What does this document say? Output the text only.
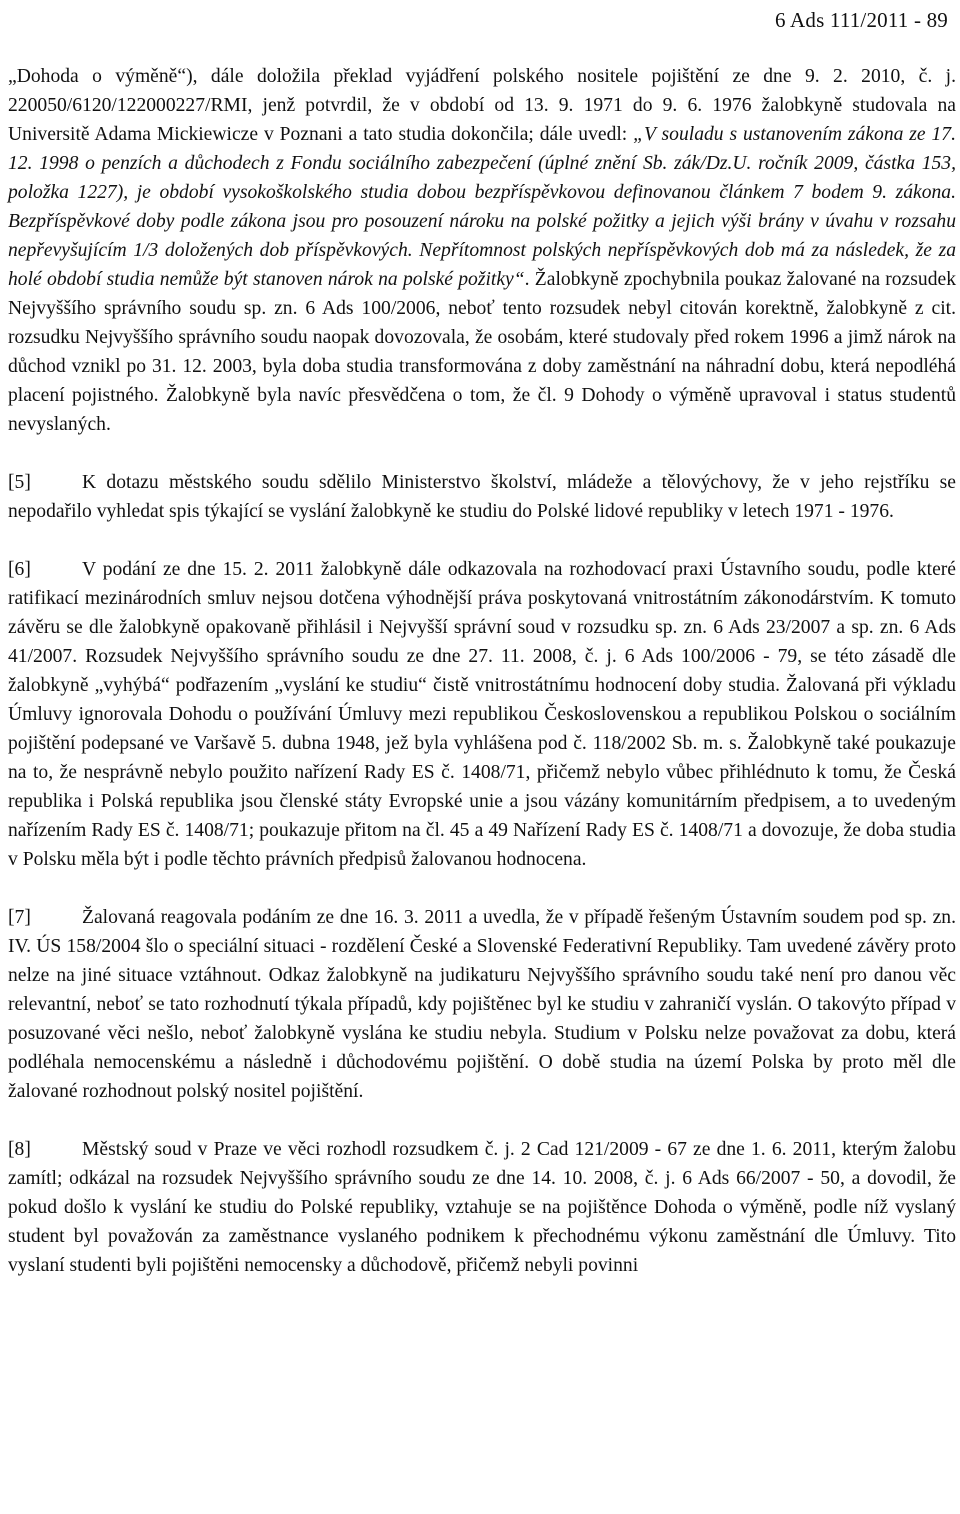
6 Ads 111/2011 - 89

„Dohoda o výměně“), dále doložila překlad vyjádření polského nositele pojištění ze dne 9. 2. 2010, č. j. 220050/6120/122000227/RMI, jenž potvrdil, že v období od 13. 9. 1971 do 9. 6. 1976 žalobkyně studovala na Universitě Adama Mickiewicze v Poznani a tato studia dokončila; dále uvedl: „V souladu s ustanovením zákona ze 17. 12. 1998 o penzích a důchodech z Fondu sociálního zabezpečení (úplné znění Sb. zák/Dz.U. ročník 2009, částka 153, položka 1227), je období vysokoškolského studia dobou bezpříspěvkovou definovanou článkem 7 bodem 9. zákona. Bezpříspěvkové doby podle zákona jsou pro posouzení nároku na polské požitky a jejich výši brány v úvahu v rozsahu nepřevyšujícím 1/3 doložených dob příspěvkových. Nepřítomnost polských nepříspěvkových dob má za následek, že za holé období studia nemůže být stanoven nárok na polské požitky“. Žalobkyně zpochybnila poukaz žalované na rozsudek Nejvyššího správního soudu sp. zn. 6 Ads 100/2006, neboť tento rozsudek nebyl citován korektně, žalobkyně z cit. rozsudku Nejvyššího správního soudu naopak dovozovala, že osobám, které studovaly před rokem 1996 a jimž nárok na důchod vznikl po 31. 12. 2003, byla doba studia transformována z doby zaměstnání na náhradní dobu, která nepodléhá placení pojistného. Žalobkyně byla navíc přesvědčena o tom, že čl. 9 Dohody o výměně upravoval i status studentů nevyslaných.

[5]	K dotazu městského soudu sdělilo Ministerstvo školství, mládeže a tělovýchovy, že v jeho rejstříku se nepodařilo vyhledat spis týkající se vyslání žalobkyně ke studiu do Polské lidové republiky v letech 1971 - 1976.

[6]	V podání ze dne 15. 2. 2011 žalobkyně dále odkazovala na rozhodovací praxi Ústavního soudu, podle které ratifikací mezinárodních smluv nejsou dotčena výhodnější práva poskytovaná vnitrostátním zákonodárstvím. K tomuto závěru se dle žalobkyně opakovaně přihlásil i Nejvyšší správní soud v rozsudku sp. zn. 6 Ads 23/2007 a sp. zn. 6 Ads 41/2007. Rozsudek Nejvyššího správního soudu ze dne 27. 11. 2008, č. j. 6 Ads 100/2006 - 79, se této zásadě dle žalobkyně „vyhýbá“ podřazením „vyslání ke studiu“ čistě vnitrostátnímu hodnocení doby studia. Žalovaná při výkladu Úmluvy ignorovala Dohodu o používání Úmluvy mezi republikou Československou a republikou Polskou o sociálním pojištění podepsané ve Varšavě 5. dubna 1948, jež byla vyhlášena pod č. 118/2002 Sb. m. s. Žalobkyně také poukazuje na to, že nesprávně nebylo použito nařízení Rady ES č. 1408/71, přičemž nebylo vůbec přihlédnuto k tomu, že Česká republika i Polská republika jsou členské státy Evropské unie a jsou vázány komunitárním předpisem, a to uvedeným nařízením Rady ES č. 1408/71; poukazuje přitom na čl. 45 a 49 Nařízení Rady ES č. 1408/71 a dovozuje, že doba studia v Polsku měla být i podle těchto právních předpisů žalovanou hodnocena.

[7]	Žalovaná reagovala podáním ze dne 16. 3. 2011 a uvedla, že v případě řešeným Ústavním soudem pod sp. zn. IV. ÚS 158/2004 šlo o speciální situaci - rozdělení České a Slovenské Federativní Republiky. Tam uvedené závěry proto nelze na jiné situace vztáhnout. Odkaz žalobkyně na judikaturu Nejvyššího správního soudu také není pro danou věc relevantní, neboť se tato rozhodnutí týkala případů, kdy pojištěnec byl ke studiu v zahraničí vyslán. O takovýto případ v posuzované věci nešlo, neboť žalobkyně vyslána ke studiu nebyla. Studium v Polsku nelze považovat za dobu, která podléhala nemocenskému a následně i důchodovému pojištění. O době studia na území Polska by proto měl dle žalované rozhodnout polský nositel pojištění.

[8]	Městský soud v Praze ve věci rozhodl rozsudkem č. j. 2 Cad 121/2009 - 67 ze dne 1. 6. 2011, kterým žalobu zamítl; odkázal na rozsudek Nejvyššího správního soudu ze dne 14. 10. 2008, č. j. 6 Ads 66/2007 - 50, a dovodil, že pokud došlo k vyslání ke studiu do Polské republiky, vztahuje se na pojištěnce Dohoda o výměně, podle níž vyslaný student byl považován za zaměstnance vyslaného podnikem k přechodnému výkonu zaměstnání dle Úmluvy. Tito vyslaní studenti byli pojištěni nemocensky a důchodově, přičemž nebyli povinni
